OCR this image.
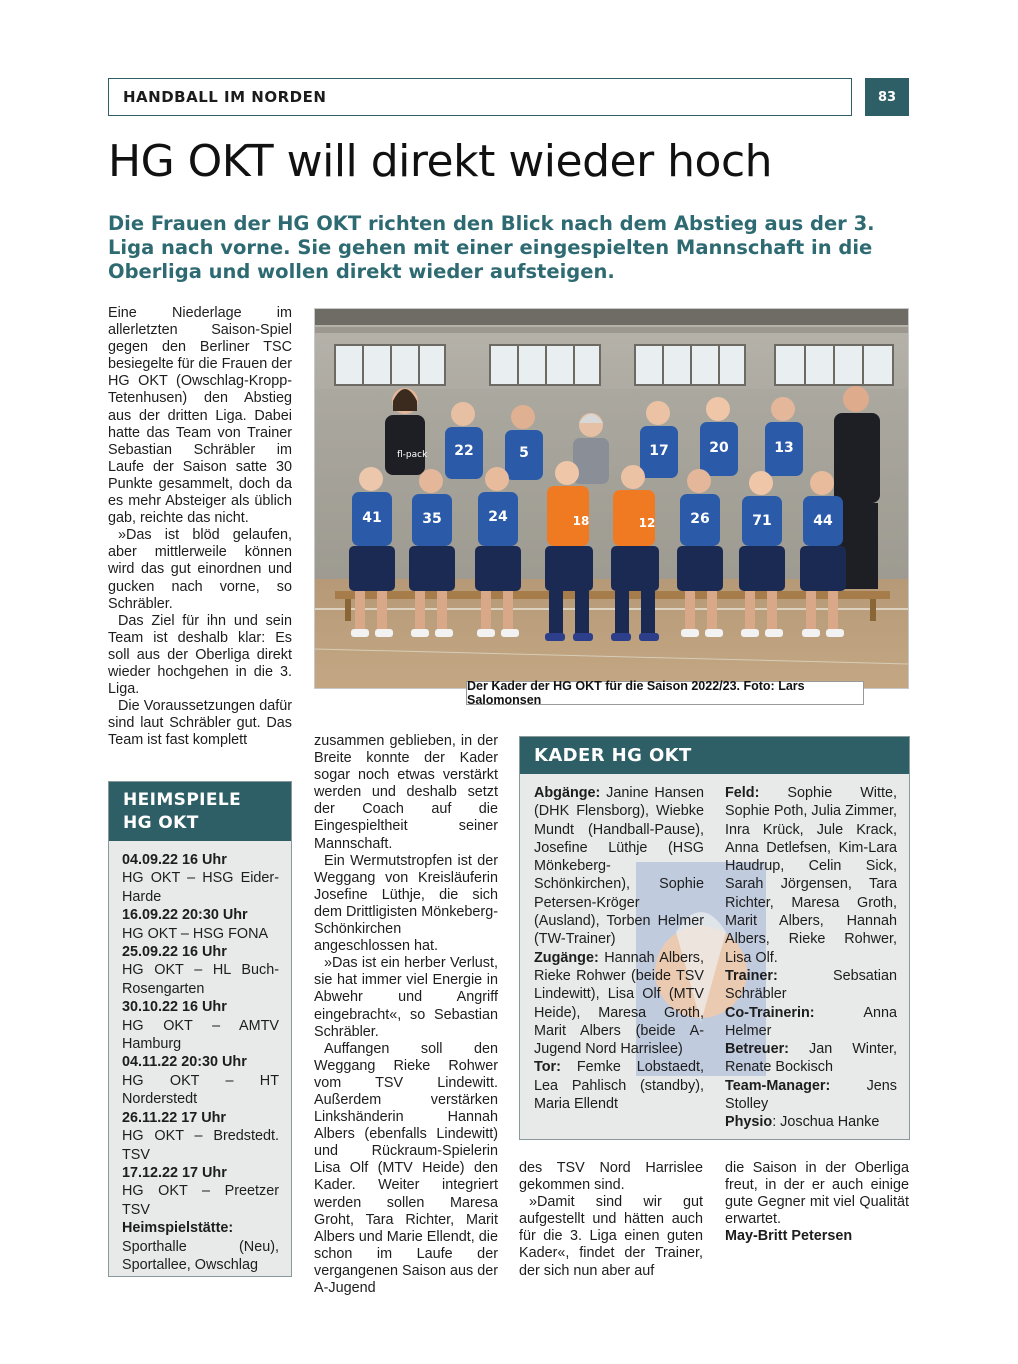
HANDBALL IM NORDEN	83
HG OKT will direkt wieder hoch

Die Frauen der HG OKT richten den Blick nach dem Abstieg aus der 3. Liga nach vorne. Sie gehen mit einer eingespielten Mannschaft in die Oberliga und wollen direkt wieder aufsteigen.

Eine Niederlage im allerletzten Saison-Spiel gegen den Berliner TSC besiegelte für die Frauen der HG OKT (Owschlag-Kropp-Tetenhusen) den Abstieg aus der dritten Liga. Dabei hatte das Team von Trainer Sebastian Schräbler im Laufe der Saison satte 30 Punkte gesammelt, doch da es mehr Absteiger als üblich gab, reichte das nicht.

»Das ist blöd gelaufen, aber mittlerweile können wird das gut einordnen und gucken nach vorne, so Schräbler.

Das Ziel für ihn und sein Team ist deshalb klar: Es soll aus der Oberliga direkt wieder hochgehen in die 3. Liga.

Die Voraussetzungen dafür sind laut Schräbler gut. Das Team ist fast komplett

fl-pack 22	5	17	20	13
41	35	24	18	12 26	71	44
Der Kader der HG OKT für die Saison 2022/23. Foto: Lars Salomonsen

zusammen geblieben, in der Breite konnte der Kader sogar noch etwas verstärkt werden und deshalb setzt der Coach auf die Eingespieltheit seiner Mannschaft.

Ein Wermutstropfen ist der Weggang von Kreisläuferin Josefine Lüthje, die sich dem Drittligisten Mönkeberg-Schönkirchen angeschlossen hat.

»Das ist ein herber Verlust, sie hat immer viel Energie in Abwehr und Angriff eingebracht«, so Sebastian Schräbler.

Auffangen soll den Weggang Rieke Rohwer vom TSV Lindewitt. Außerdem verstärken Linkshänderin Hannah Albers (ebenfalls Lindewitt) und Rückraum-Spielerin Lisa Olf (MTV Heide) den Kader. Weiter integriert werden sollen Maresa Groht, Tara Richter, Marit Albers und Marie Ellendt, die schon im Laufe der vergangenen Saison aus der A-Jugend

HEIMSPIELE
HG OKT
04.09.22 16 Uhr
HG OKT – HSG Eider-Harde
16.09.22 20:30 Uhr
HG OKT – HSG FONA
25.09.22 16 Uhr
HG OKT – HL Buch-Rosengarten
30.10.22 16 Uhr
HG OKT – AMTV Hamburg
04.11.22 20:30 Uhr
HG OKT – HT Norderstedt
26.11.22 17 Uhr
HG OKT – Bredstedt. TSV
17.12.22 17 Uhr
HG OKT – Preetzer TSV
Heimspielstätte:
Sporthalle (Neu), Sportallee, Owschlag
KADER HG OKT
Abgänge: Janine Hansen (DHK Flensborg), Wiebke Mundt (Handball-Pause), Josefine Lüthje (HSG Mönkeberg-Schönkirchen), Sophie Petersen-Kröger (Ausland), Torben Helmer (TW-Trainer)
Zugänge: Hannah Albers, Rieke Rohwer (beide TSV Lindewitt), Lisa Olf (MTV Heide), Maresa Groth, Marit Albers (beide A-Jugend Nord Harrislee)
Tor: Femke Lobstaedt, Lea Pahlisch (standby), Maria Ellendt
Feld: Sophie Witte, Sophie Poth, Julia Zimmer, Inra Krück, Jule Krack, Anna Detlefsen, Kim-Lara Haudrup, Celin Sick, Sarah Jörgensen, Tara Richter, Maresa Groth, Marit Albers, Hannah Albers, Rieke Rohwer, Lisa Olf.
Trainer:	Sebsatian Schräbler
Co-Trainerin:	Anna Helmer
Betreuer: Jan Winter, Renate Bockisch
Team-Manager:	Jens Stolley
Physio: Joschua Hanke

des TSV Nord Harrislee gekommen sind.

»Damit sind wir gut aufgestellt und hätten auch für die 3. Liga einen guten Kader«, findet der Trainer, der sich nun aber auf

die Saison in der Oberliga freut, in der er auch einige gute Gegner mit viel Qualität erwartet.

May-Britt Petersen
